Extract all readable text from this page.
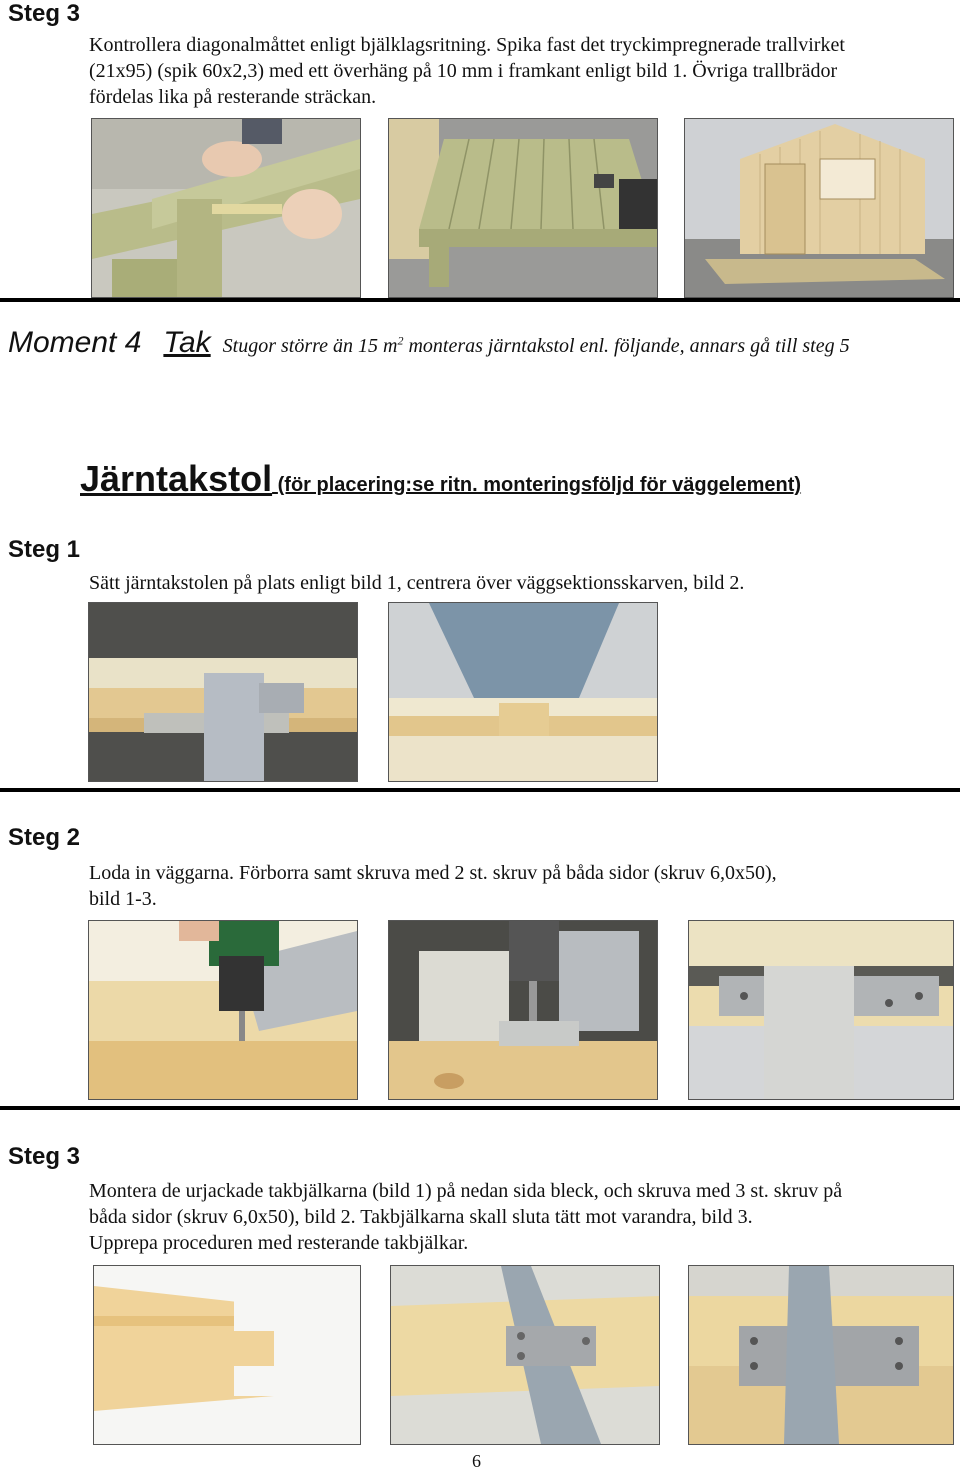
Steg 3
Kontrollera diagonalmåttet enligt bjälklagsritning. Spika fast det tryckimpregnerade trallvirket
(21x95) (spik 60x2,3) med ett överhäng på 10 mm i framkant enligt bild 1. Övriga trallbrädor
fördelas lika på resterande sträckan.
Moment 4 Tak Stugor större än 15 $m^2$ monteras järntakstol enl. följande, annars gå till steg 5
Järntakstol (för placering:se ritn. monteringsföljd för väggelement)
Steg 1
Sätt järntakstolen på plats enligt bild 1, centrera över väggsektionsskarven, bild 2.
Steg 2
Loda in väggarna. Förborra samt skruva med 2 st. skruv på båda sidor (skruv 6,0x50),
bild 1-3.
Steg 3
Montera de urjackade takbjälkarna (bild 1) på nedan sida bleck, och skruva med 3 st. skruv på
båda sidor (skruv 6,0x50), bild 2. Takbjälkarna skall sluta tätt mot varandra, bild 3.
Upprepa proceduren med resterande takbjälkar.
6
